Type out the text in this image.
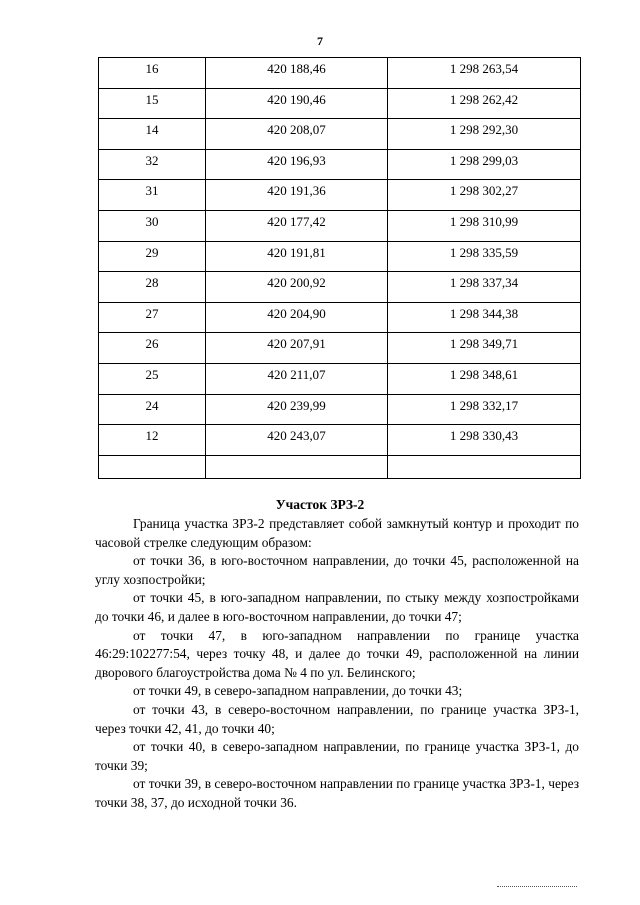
7
16	420 188,46	1 298 263,54

15	420 190,46	1 298 262,42

14	420 208,07	1 298 292,30

32	420 196,93	1 298 299,03

31	420 191,36	1 298 302,27

30	420 177,42	1 298 310,99

29	420 191,81	1 298 335,59

28	420 200,92	1 298 337,34

27	420 204,90	1 298 344,38

26	420 207,91	1 298 349,71

25	420 211,07	1 298 348,61

24	420 239,99	1 298 332,17

12	420 243,07	1 298 330,43

Участок ЗРЗ-2

Граница участка ЗРЗ-2 представляет собой замкнутый контур и проходит по часовой стрелке следующим образом:

от точки 36, в юго-восточном направлении, до точки 45, расположенной на углу хозпостройки;

от точки 45, в юго-западном направлении, по стыку между хозпостройками до точки 46, и далее в юго-восточном направлении, до точки 47;

от точки 47, в юго-западном направлении по границе участка 46:29:102277:54, через точку 48, и далее до точки 49, расположенной на линии дворового благоустройства дома № 4 по ул. Белинского;

от точки 49, в северо-западном направлении, до точки 43;

от точки 43, в северо-восточном направлении, по границе участка ЗРЗ-1, через точки 42, 41, до точки 40;

от точки 40, в северо-западном направлении, по границе участка ЗРЗ-1, до точки 39;

от точки 39, в северо-восточном направлении по границе участка ЗРЗ-1, через точки 38, 37, до исходной точки 36.
